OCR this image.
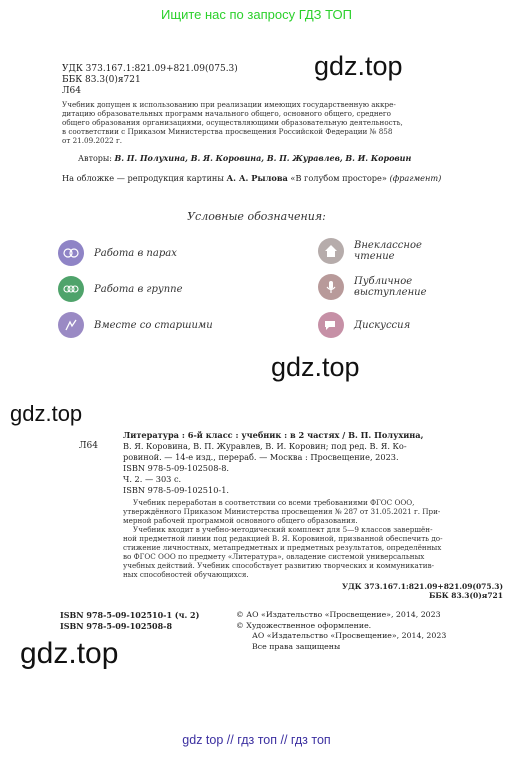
Ищите нас по запросу ГДЗ ТОП
gdz.top
gdz.top
gdz.top
gdz.top
УДК 373.167.1:821.09+821.09(075.3)
ББК 83.3(0)я721
Л64
Учебник допущен к использованию при реализации имеющих государственную аккре-
дитацию образовательных программ начального общего, основного общего, среднего
общего образования организациями, осуществляющими образовательную деятельность,
в соответствии с Приказом Министерства просвещения Российской Федерации № 858
от 21.09.2022 г.
Авторы: В. П. Полухина, В. Я. Коровина, В. П. Журавлев, В. И. Коровин
На обложке — репродукция картины А. А. Рылова «В голубом просторе» (фрагмент)
Условные обозначения:
Работа в парах
Работа в группе
Вместе со старшими
Внеклассное
чтение
Публичное
выступление
Дискуссия
Л64
Литература : 6-й класс : учебник : в 2 частях / В. П. Полухина,
В. Я. Коровина, В. П. Журавлев, В. И. Коровин; под ред. В. Я. Ко-
ровиной. — 14-е изд., перераб. — Москва : Просвещение, 2023.
ISBN 978-5-09-102508-8.
Ч. 2. — 303 с.
ISBN 978-5-09-102510-1.
Учебник переработан в соответствии со всеми требованиями ФГОС ООО,
утверждённого Приказом Министерства просвещения № 287 от 31.05.2021 г. При-
мерной рабочей программой основного общего образования.
Учебник входит в учебно-методический комплект для 5—9 классов завершён-
ной предметной линии под редакцией В. Я. Коровиной, призванной обеспечить до-
стижение личностных, метапредметных и предметных результатов, определённых
во ФГОС ООО по предмету «Литература», овладение системой универсальных
учебных действий. Учебник способствует развитию творческих и коммуникатив-
ных способностей обучающихся.
УДК 373.167.1:821.09+821.09(075.3)
ББК 83.3(0)я721
ISBN 978-5-09-102510-1 (ч. 2)
ISBN 978-5-09-102508-8
© АО «Издательство «Просвещение», 2014, 2023
© Художественное оформление.
АО «Издательство «Просвещение», 2014, 2023
Все права защищены
gdz top // гдз топ // гдз топ
